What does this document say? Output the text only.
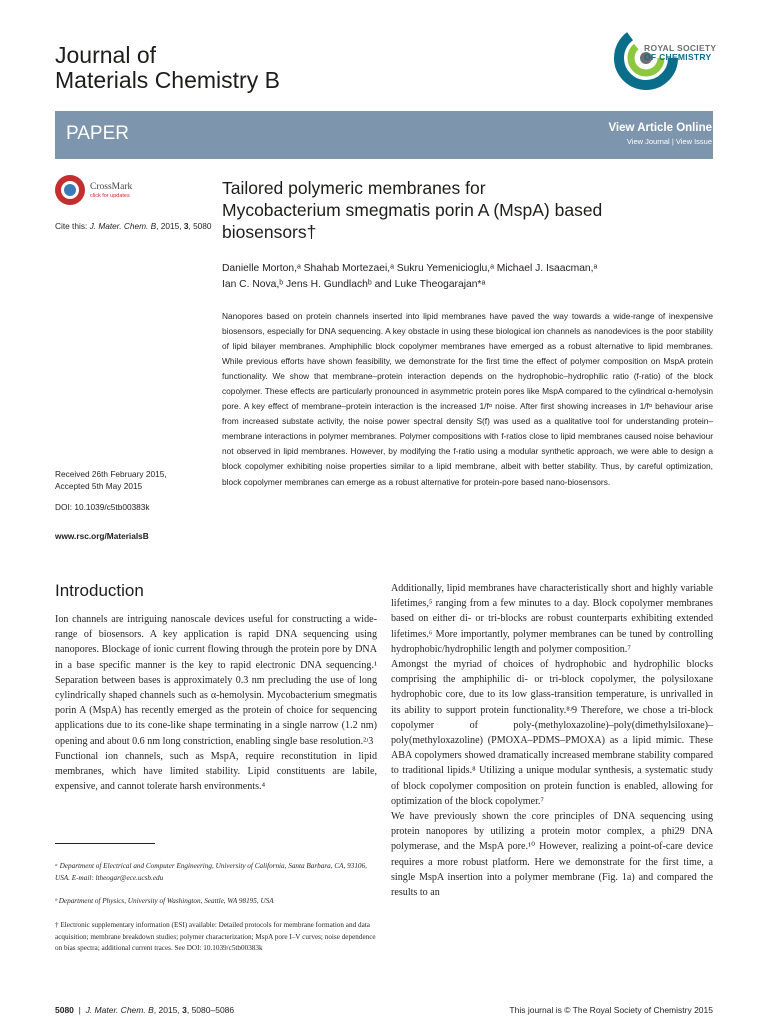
Journal of
Materials Chemistry B
ROYAL SOCIETY
OF CHEMISTRY
PAPER	View Article Online
View Journal | View Issue
CrossMark
click for updates
Cite this: J. Mater. Chem. B, 2015, 3, 5080
Received 26th February 2015,
Accepted 5th May 2015
DOI: 10.1039/c5tb00383k
www.rsc.org/MaterialsB
Tailored polymeric membranes for
Mycobacterium smegmatis porin A (MspA) based
biosensors†
Danielle Morton,ᵃ Shahab Mortezaei,ᵃ Sukru Yemenicioglu,ᵃ Michael J. Isaacman,ᵃ
Ian C. Nova,ᵇ Jens H. Gundlachᵇ and Luke Theogarajan*ᵃ
Nanopores based on protein channels inserted into lipid membranes have paved the way towards a wide-range of inexpensive biosensors, especially for DNA sequencing. A key obstacle in using these biological ion channels as nanodevices is the poor stability of lipid bilayer membranes. Amphiphilic block copolymer membranes have emerged as a robust alternative to lipid membranes. While previous efforts have shown feasibility, we demonstrate for the first time the effect of polymer composition on MspA protein functionality. We show that membrane–protein interaction depends on the hydrophobic–hydrophilic ratio (f-ratio) of the block copolymer. These effects are particularly pronounced in asymmetric protein pores like MspA compared to the cylindrical α-hemolysin pore. A key effect of membrane–protein interaction is the increased 1/fᵅ noise. After first showing increases in 1/fᵅ behaviour arise from increased substate activity, the noise power spectral density S(f) was used as a qualitative tool for understanding protein–membrane interactions in polymer membranes. Polymer compositions with f-ratios close to lipid membranes caused noise behaviour not observed in lipid membranes. However, by modifying the f-ratio using a modular synthetic approach, we were able to design a block copolymer exhibiting noise properties similar to a lipid membrane, albeit with better stability. Thus, by careful optimization, block copolymer membranes can emerge as a robust alternative for protein-pore based nano-biosensors.
Introduction
Ion channels are intriguing nanoscale devices useful for constructing a wide-range of biosensors. A key application is rapid DNA sequencing using nanopores. Blockage of ionic current flowing through the protein pore by DNA in a base specific manner is the key to rapid electronic DNA sequencing.¹ Separation between bases is approximately 0.3 nm precluding the use of long cylindrically shaped channels such as α-hemolysin. Mycobacterium smegmatis porin A (MspA) has recently emerged as the protein of choice for sequencing applications due to its cone-like shape terminating in a single narrow (1.2 nm) opening and about 0.6 nm long constriction, enabling single base resolution.²ʴ3
Functional ion channels, such as MspA, require reconstitution in lipid membranes, which have limited stability. Lipid constituents are labile, expensive, and cannot tolerate harsh environments.⁴
Additionally, lipid membranes have characteristically short and highly variable lifetimes,⁵ ranging from a few minutes to a day. Block copolymer membranes based on either di- or tri-blocks are robust counterparts exhibiting extended lifetimes.⁶ More importantly, polymer membranes can be tuned by controlling hydrophobic/hydrophilic length and polymer composition.⁷
Amongst the myriad of choices of hydrophobic and hydrophilic blocks comprising the amphiphilic di- or tri-block copolymer, the polysiloxane hydrophobic core, due to its low glass-transition temperature, is unrivalled in its ability to support protein functionality.⁸ʴ9 Therefore, we chose a tri-block copolymer of poly-(methyloxazoline)–poly(dimethylsiloxane)–poly(methyloxazoline) (PMOXA–PDMS–PMOXA) as a lipid mimic. These ABA copolymers showed dramatically increased membrane stability compared to traditional lipids.⁸ Utilizing a unique modular synthesis, a systematic study of block copolymer composition on protein function is enabled, allowing for optimization of the block copolymer.⁷
We have previously shown the core principles of DNA sequencing using protein nanopores by utilizing a protein motor complex, a phi29 DNA polymerase, and the MspA pore.¹⁰ However, realizing a point-of-care device requires a more robust platform. Here we demonstrate for the first time, a single MspA insertion into a polymer membrane (Fig. 1a) and compared the results to an

ᵃ Department of Electrical and Computer Engineering, University of California, Santa Barbara, CA, 93106, USA. E-mail: ltheogar@ece.ucsb.edu

ᵇ Department of Physics, University of Washington, Seattle, WA 98195, USA

† Electronic supplementary information (ESI) available: Detailed protocols for membrane formation and data acquisition; membrane breakdown studies; polymer characterization; MspA pore I–V curves; noise dependence on bias spectra; additional current traces. See DOI: 10.1039/c5tb00383k

5080  |  J. Mater. Chem. B, 2015, 3, 5080–5086	This journal is © The Royal Society of Chemistry 2015
